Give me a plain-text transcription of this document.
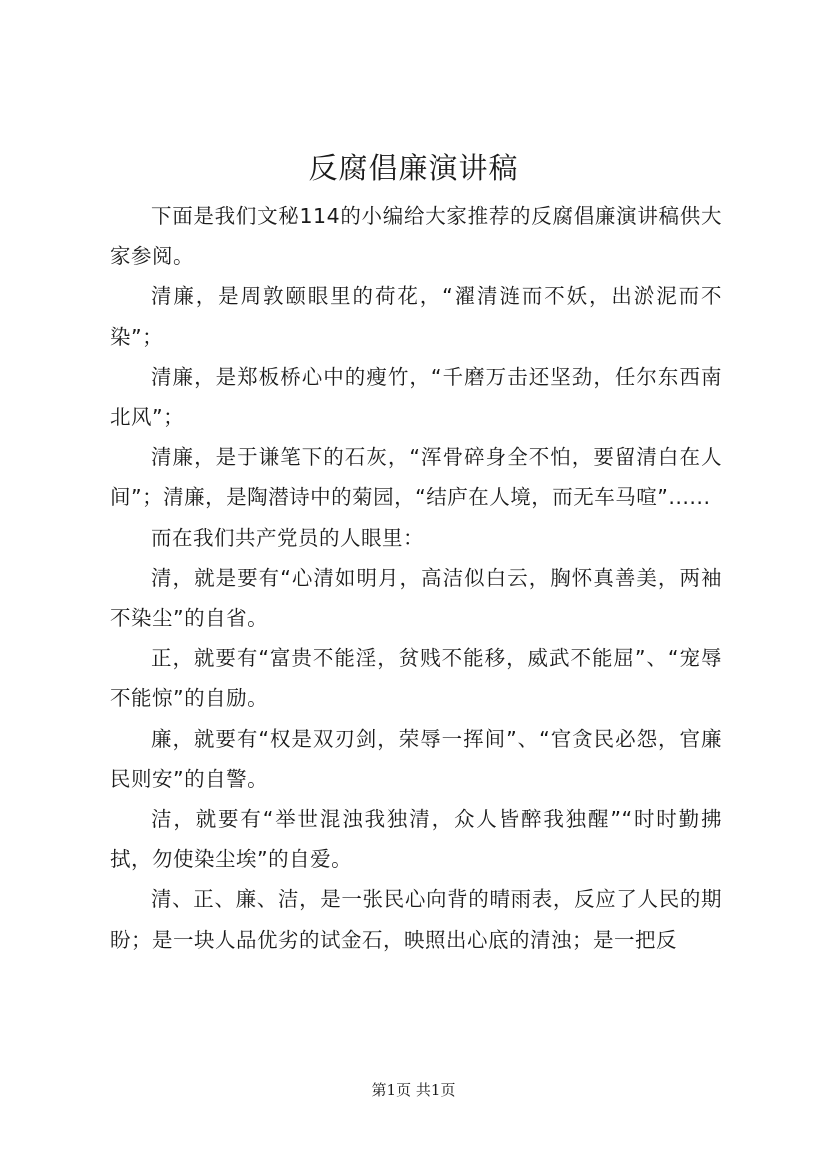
反腐倡廉演讲稿

下面是我们文秘114的小编给大家推荐的反腐倡廉演讲稿供大家参阅。

清廉，是周敦颐眼里的荷花，“濯清涟而不妖，出淤泥而不染”；

清廉，是郑板桥心中的瘦竹，“千磨万击还坚劲，任尔东西南北风”；

清廉，是于谦笔下的石灰，“浑骨碎身全不怕，要留清白在人间”；清廉，是陶潜诗中的菊园，“结庐在人境，而无车马喧”......

而在我们共产党员的人眼里：

清，就是要有“心清如明月，高洁似白云，胸怀真善美，两袖不染尘”的自省。

正，就要有“富贵不能淫，贫贱不能移，威武不能屈”、“宠辱不能惊”的自励。

廉，就要有“权是双刃剑，荣辱一挥间”、“官贪民必怨，官廉民则安”的自警。

洁，就要有“举世混浊我独清，众人皆醉我独醒”“时时勤拂拭，勿使染尘埃”的自爱。

清、正、廉、洁，是一张民心向背的晴雨表，反应了人民的期盼；是一块人品优劣的试金石，映照出心底的清浊；是一把反

第1页 共1页
